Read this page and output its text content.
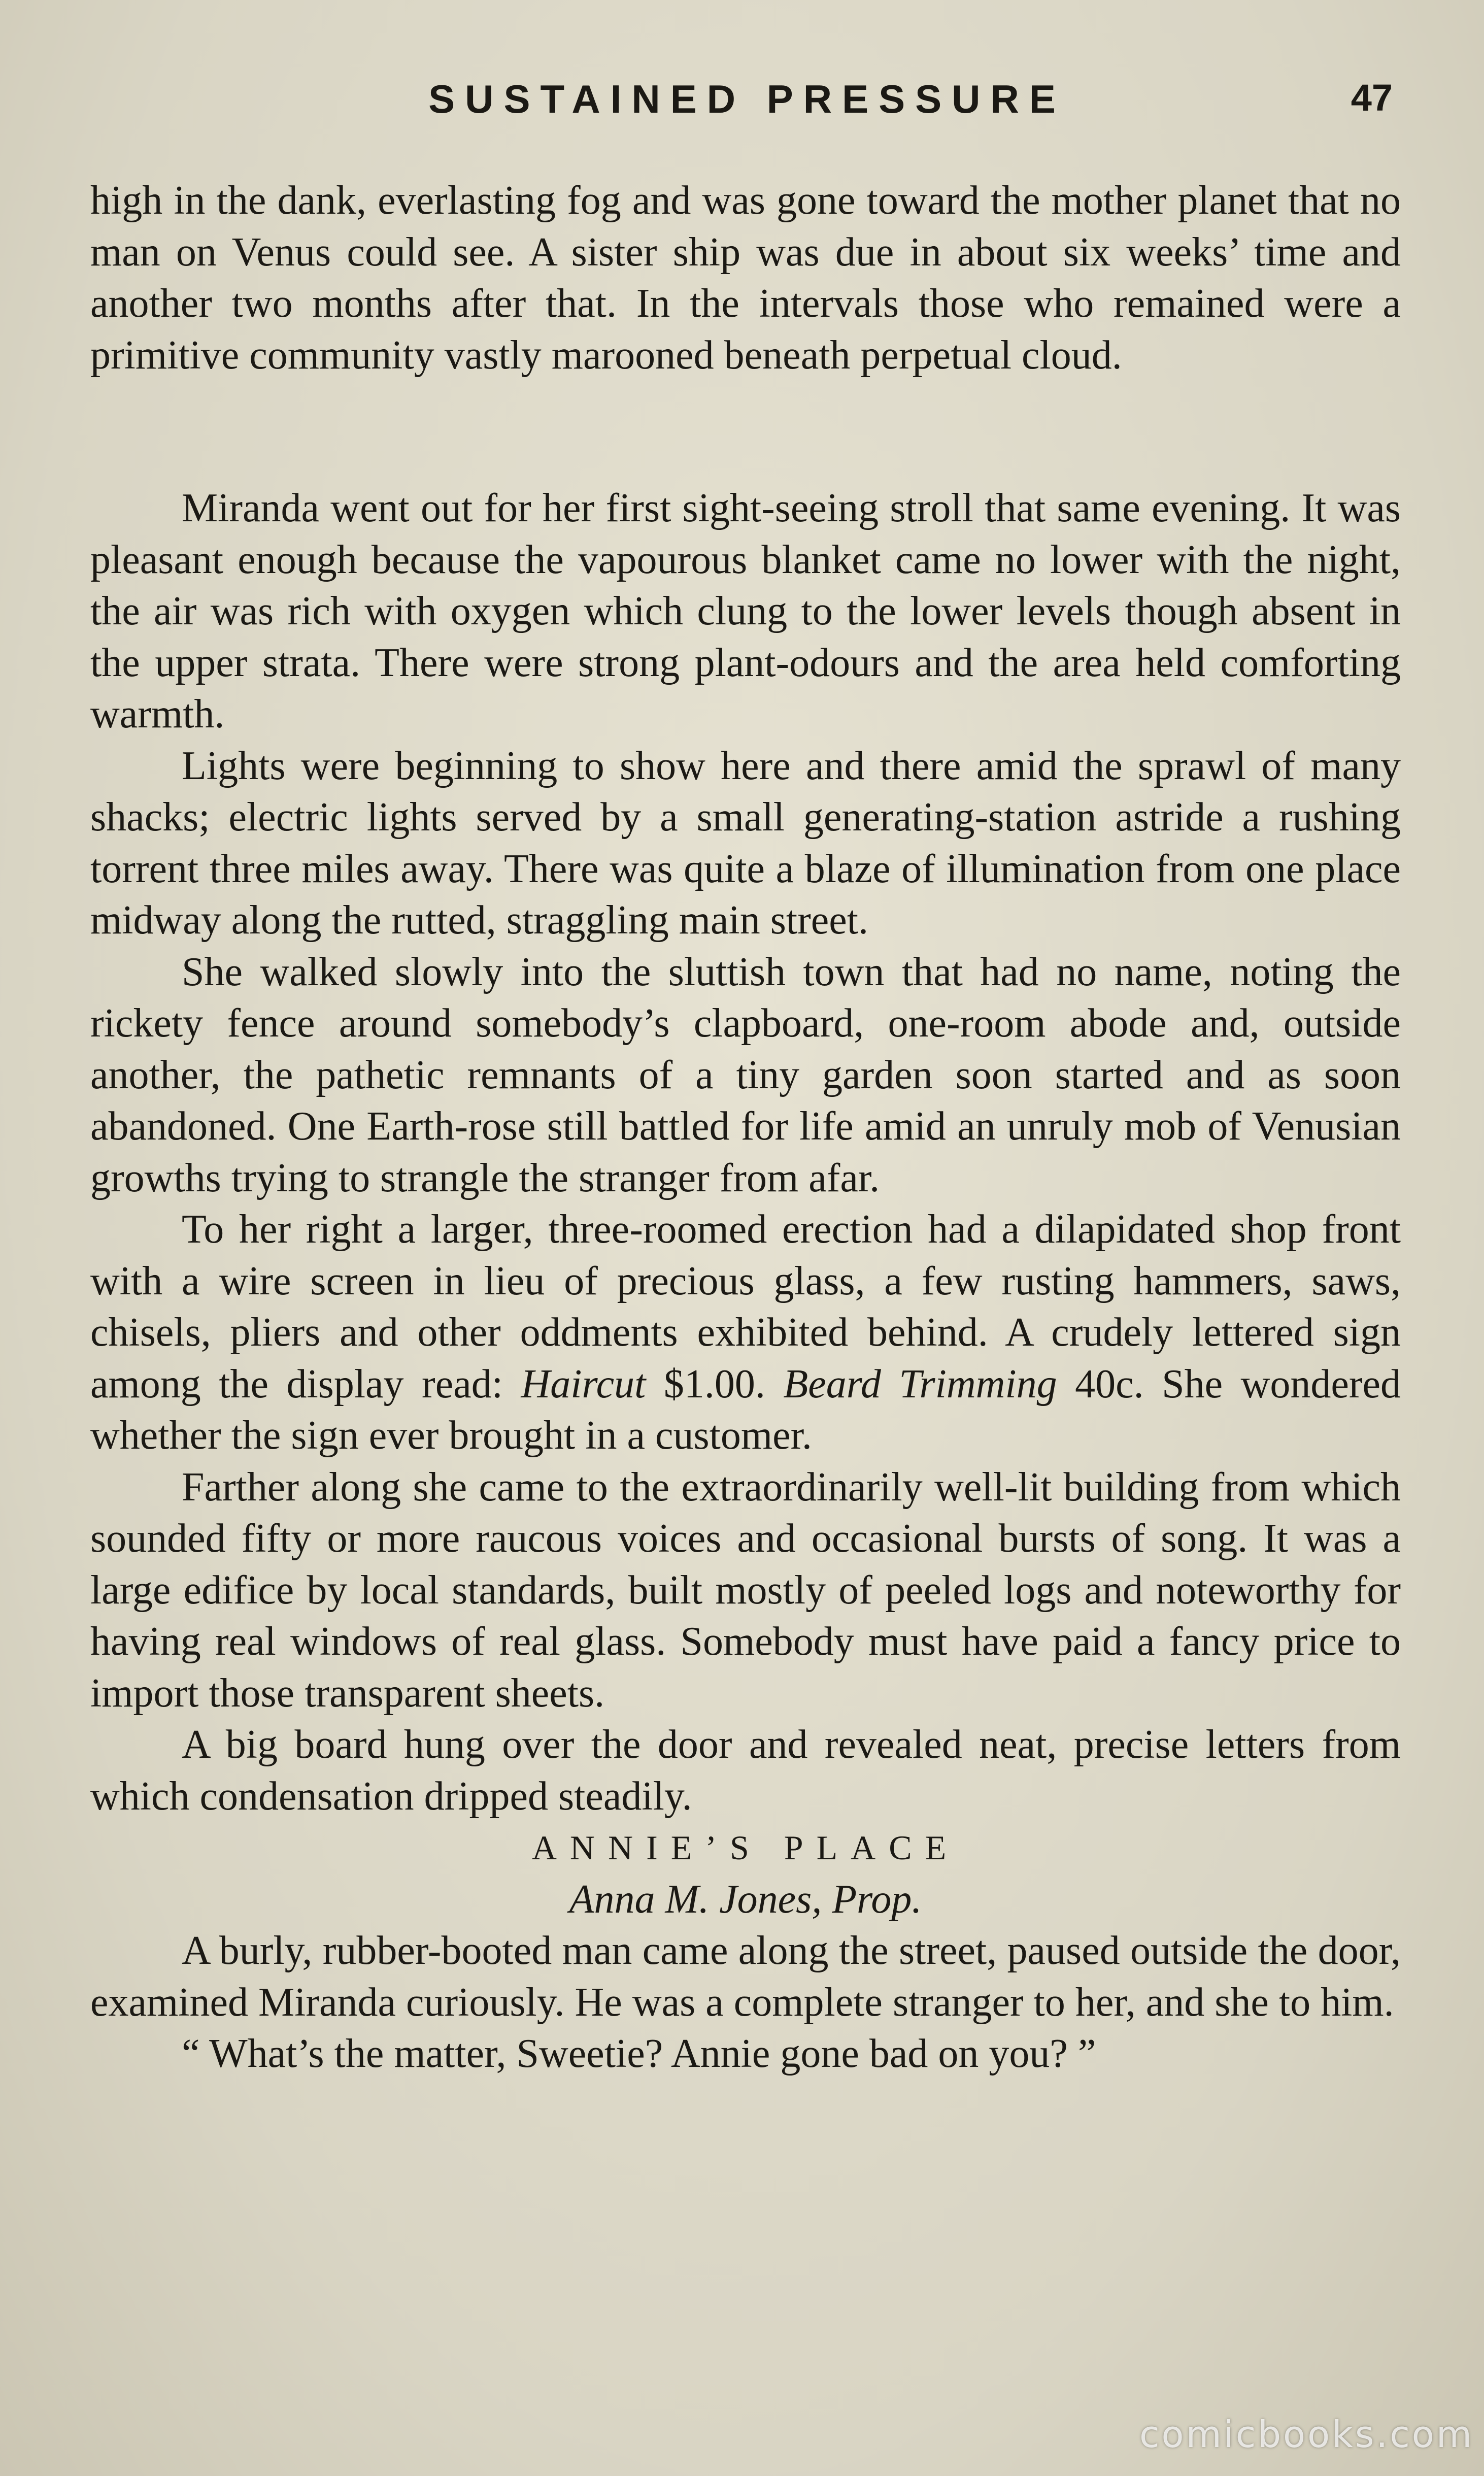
SUSTAINED PRESSURE	47

high in the dank, everlasting fog and was gone toward the mother planet that no man on Venus could see. A sister ship was due in about six weeks’ time and another two months after that. In the intervals those who remained were a primitive community vastly marooned beneath perpetual cloud.

Miranda went out for her first sight-seeing stroll that same evening. It was pleasant enough because the vapourous blanket came no lower with the night, the air was rich with oxygen which clung to the lower levels though absent in the upper strata. There were strong plant-odours and the area held comforting warmth.

Lights were beginning to show here and there amid the sprawl of many shacks; electric lights served by a small generating-station astride a rushing torrent three miles away. There was quite a blaze of illumination from one place midway along the rutted, straggling main street.

She walked slowly into the sluttish town that had no name, noting the rickety fence around somebody’s clapboard, one-room abode and, outside another, the pathetic remnants of a tiny garden soon started and as soon abandoned. One Earth-rose still battled for life amid an unruly mob of Venusian growths trying to strangle the stranger from afar.

To her right a larger, three-roomed erection had a dilapidated shop front with a wire screen in lieu of precious glass, a few rusting hammers, saws, chisels, pliers and other oddments exhibited behind. A crudely lettered sign among the display read: Haircut $1.00. Beard Trimming 40c. She wondered whether the sign ever brought in a customer.

Farther along she came to the extraordinarily well-lit building from which sounded fifty or more raucous voices and occasional bursts of song. It was a large edifice by local standards, built mostly of peeled logs and noteworthy for having real windows of real glass. Somebody must have paid a fancy price to import those transparent sheets.

A big board hung over the door and revealed neat, precise letters from which condensation dripped steadily.

ANNIE’S PLACE
Anna M. Jones, Prop.

A burly, rubber-booted man came along the street, paused outside the door, examined Miranda curiously. He was a complete stranger to her, and she to him.

“ What’s the matter, Sweetie? Annie gone bad on you? ”

comicbooks.com
